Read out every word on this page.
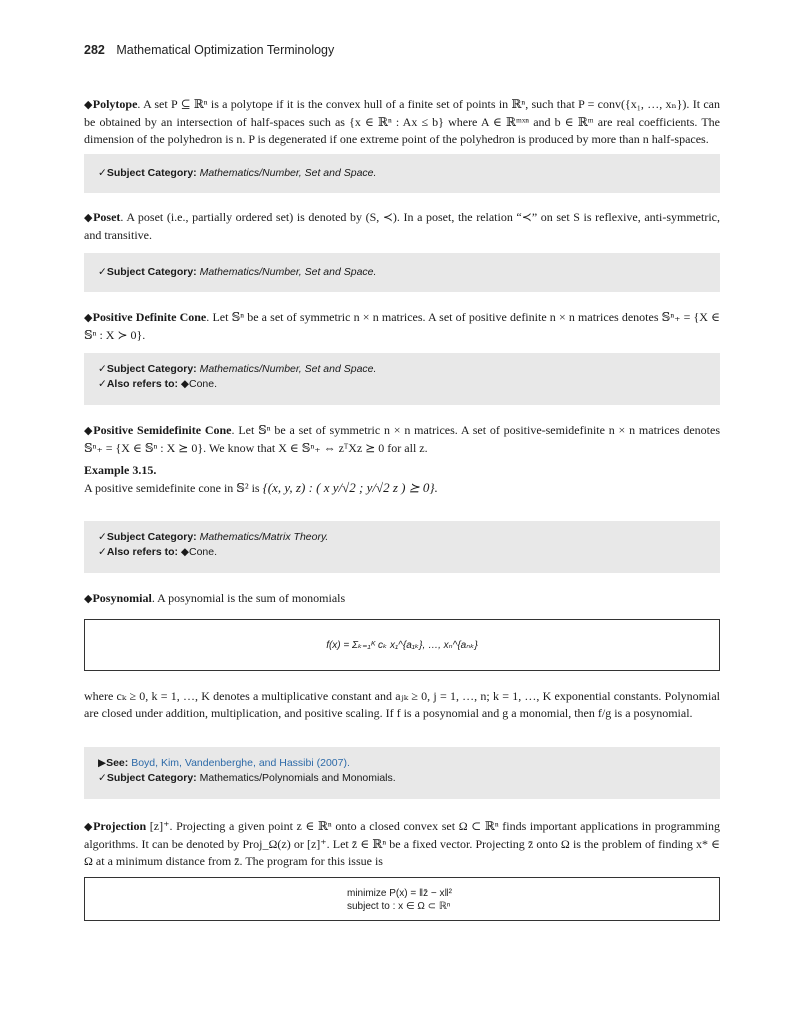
282 Mathematical Optimization Terminology
◆Polytope. A set P ⊆ ℝⁿ is a polytope if it is the convex hull of a finite set of points in ℝⁿ, such that P = conv({x₁, …, xₙ}). It can be obtained by an intersection of half-spaces such as {x ∈ ℝⁿ : Ax ≤ b} where A ∈ ℝᵐˣⁿ and b ∈ ℝᵐ are real coefficients. The dimension of the polyhedron is n. P is degenerated if one extreme point of the polyhedron is produced by more than n half-spaces.
✓Subject Category: Mathematics/Number, Set and Space.
◆Poset. A poset (i.e., partially ordered set) is denoted by (S, ≺). In a poset, the relation “≺” on set S is reflexive, anti-symmetric, and transitive.
✓Subject Category: Mathematics/Number, Set and Space.
◆Positive Definite Cone. Let 𝕊ⁿ be a set of symmetric n × n matrices. A set of positive definite n × n matrices denotes 𝕊ⁿ₊ = {X ∈ 𝕊ⁿ : X ≻ 0}.
✓Subject Category: Mathematics/Number, Set and Space.
✓Also refers to: ◆Cone.
◆Positive Semidefinite Cone. Let 𝕊ⁿ be a set of symmetric n × n matrices. A set of positive-semidefinite n × n matrices denotes 𝕊ⁿ₊ = {X ∈ 𝕊ⁿ : X ⪰ 0}. We know that X ∈ 𝕊ⁿ₊ ⇔ zᵀXz ⪰ 0 for all z.
Example 3.15.
A positive semidefinite cone in 𝕊² is {(x, y, z) : ( x y/√2 ; y/√2 z ) ⪰ 0}.
✓Subject Category: Mathematics/Matrix Theory.
✓Also refers to: ◆Cone.
◆Posynomial. A posynomial is the sum of monomials
f(x) = Σₖ₌₁ᴷ cₖ x₁^{a₁ₖ}, …, xₙ^{aₙₖ}
where cₖ ≥ 0, k = 1, …, K denotes a multiplicative constant and aⱼₖ ≥ 0, j = 1, …, n; k = 1, …, K exponential constants. Polynomial are closed under addition, multiplication, and positive scaling. If f is a posynomial and g a monomial, then f/g is a posynomial.
▶See: Boyd, Kim, Vandenberghe, and Hassibi (2007).
✓Subject Category: Mathematics/Polynomials and Monomials.
◆Projection [z]⁺. Projecting a given point z ∈ ℝⁿ onto a closed convex set Ω ⊂ ℝⁿ finds important applications in programming algorithms. It can be denoted by Proj_Ω(z) or [z]⁺. Let z̄ ∈ ℝⁿ be a fixed vector. Projecting z̄ onto Ω is the problem of finding x* ∈ Ω at a minimum distance from z̄. The program for this issue is
minimize P(x) = ‖z̄ − x‖²
subject to : x ∈ Ω ⊂ ℝⁿ
